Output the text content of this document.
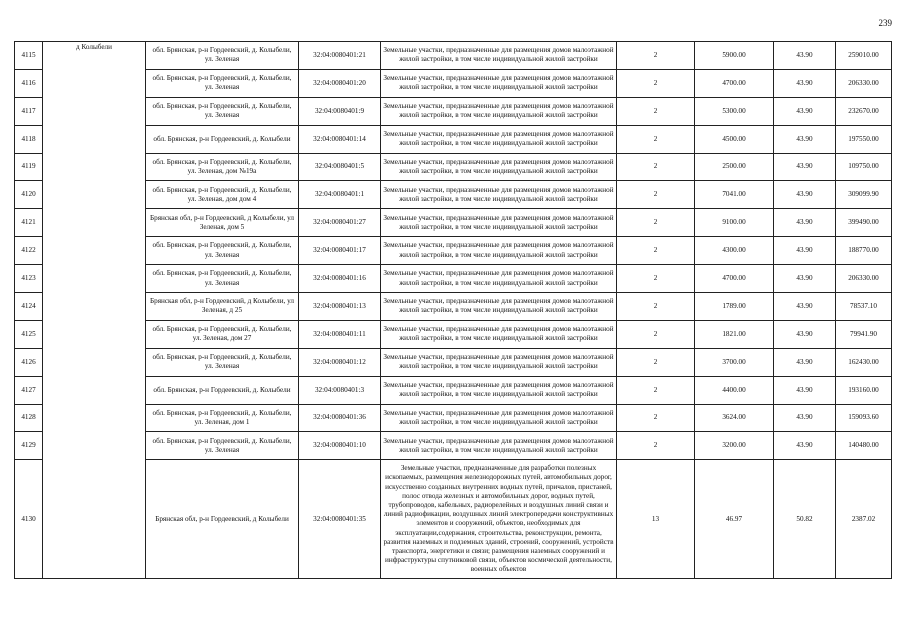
239
4115	д Колыбели	обл. Брянская, р-н Гордеевский, д. Колыбели, ул. Зеленая	32:04:0080401:21	Земельные участки, предназначенные для размещения домов малоэтажной жилой застройки, в том числе индивидуальной жилой застройки	2	5900.00	43.90	259010.00
4116		обл. Брянская, р-н Гордеевский, д. Колыбели, ул. Зеленая	32:04:0080401:20	Земельные участки, предназначенные для размещения домов малоэтажной жилой застройки, в том числе индивидуальной жилой застройки	2	4700.00	43.90	206330.00
4117		обл. Брянская, р-н Гордеевский, д. Колыбели, ул. Зеленая	32:04:0080401:9	Земельные участки, предназначенные для размещения домов малоэтажной жилой застройки, в том числе индивидуальной жилой застройки	2	5300.00	43.90	232670.00
4118		обл. Брянская, р-н Гордеевский, д. Колыбели	32:04:0080401:14	Земельные участки, предназначенные для размещения домов малоэтажной жилой застройки, в том числе индивидуальной жилой застройки	2	4500.00	43.90	197550.00
4119		обл. Брянская, р-н Гордеевский, д. Колыбели, ул. Зеленая, дом №19а	32:04:0080401:5	Земельные участки, предназначенные для размещения домов малоэтажной жилой застройки, в том числе индивидуальной жилой застройки	2	2500.00	43.90	109750.00
4120		обл. Брянская, р-н Гордеевский, д. Колыбели, ул. Зеленая, дом дом 4	32:04:0080401:1	Земельные участки, предназначенные для размещения домов малоэтажной жилой застройки, в том числе индивидуальной жилой застройки	2	7041.00	43.90	309099.90
4121		Брянская обл, р-н Гордеевский, д Колыбели, ул Зеленая, дом 5	32:04:0080401:27	Земельные участки, предназначенные для размещения домов малоэтажной жилой застройки, в том числе индивидуальной жилой застройки	2	9100.00	43.90	399490.00
4122		обл. Брянская, р-н Гордеевский, д. Колыбели, ул. Зеленая	32:04:0080401:17	Земельные участки, предназначенные для размещения домов малоэтажной жилой застройки, в том числе индивидуальной жилой застройки	2	4300.00	43.90	188770.00
4123		обл. Брянская, р-н Гордеевский, д. Колыбели, ул. Зеленая	32:04:0080401:16	Земельные участки, предназначенные для размещения домов малоэтажной жилой застройки, в том числе индивидуальной жилой застройки	2	4700.00	43.90	206330.00
4124		Брянская обл, р-н Гордеевский, д Колыбели, ул Зеленая, д 25	32:04:0080401:13	Земельные участки, предназначенные для размещения домов малоэтажной жилой застройки, в том числе индивидуальной жилой застройки	2	1789.00	43.90	78537.10
4125		обл. Брянская, р-н Гордеевский, д. Колыбели, ул. Зеленая, дом 27	32:04:0080401:11	Земельные участки, предназначенные для размещения домов малоэтажной жилой застройки, в том числе индивидуальной жилой застройки	2	1821.00	43.90	79941.90
4126		обл. Брянская, р-н Гордеевский, д. Колыбели, ул. Зеленая	32:04:0080401:12	Земельные участки, предназначенные для размещения домов малоэтажной жилой застройки, в том числе индивидуальной жилой застройки	2	3700.00	43.90	162430.00
4127		обл. Брянская, р-н Гордеевский, д. Колыбели	32:04:0080401:3	Земельные участки, предназначенные для размещения домов малоэтажной жилой застройки, в том числе индивидуальной жилой застройки	2	4400.00	43.90	193160.00
4128		обл. Брянская, р-н Гордеевский, д. Колыбели, ул. Зеленая, дом 1	32:04:0080401:36	Земельные участки, предназначенные для размещения домов малоэтажной жилой застройки, в том числе индивидуальной жилой застройки	2	3624.00	43.90	159093.60
4129		обл. Брянская, р-н Гордеевский, д. Колыбели, ул. Зеленая	32:04:0080401:10	Земельные участки, предназначенные для размещения домов малоэтажной жилой застройки, в том числе индивидуальной жилой застройки	2	3200.00	43.90	140480.00
4130		Брянская обл, р-н Гордеевский, д Колыбели	32:04:0080401:35	Земельные участки, предназначенные для разработки полезных ископаемых, размещения железнодорожных путей, автомобильных дорог, искусственно созданных внутренних водных путей, причалов, пристаней, полос отвода железных и автомобильных дорог, водных путей, трубопроводов, кабельных, радиорелейных и воздушных линий связи и линий радиофикации, воздушных линий электропередачи конструктивных элементов и сооружений, объектов, необходимых для эксплуатации,содержания, строительства, реконструкции, ремонта, развития наземных и подземных зданий, строений, сооружений, устройств транспорта, энергетики и связи; размещения наземных сооружений и инфраструктуры спутниковой связи, объектов космической деятельности, военных объектов	13	46.97	50.82	2387.02
